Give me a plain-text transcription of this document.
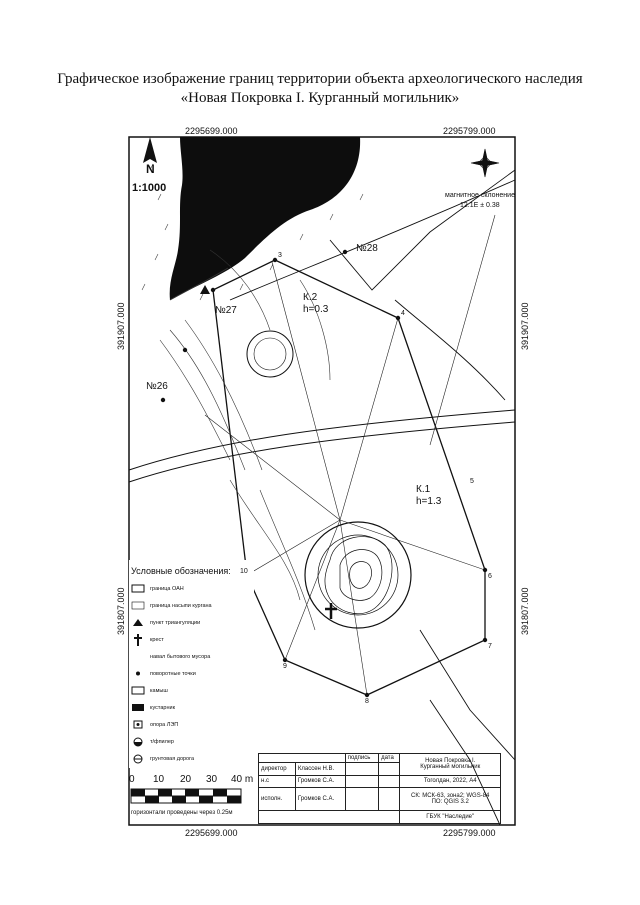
Графическое изображение границ территории объекта археологического наследия
«Новая Покровка I. Курганный могильник»
2295699.000	2295799.000
2295699.000	2295799.000
391907.000
391807.000
391907.000
391807.000
N
1:1000
магнитное склонение
12.1E ± 0.38
№28
№27
№26
К.2
h=0.3
К.1
h=1.3
10
9
8
7
6
5
4
3
Условные обозначения:
граница ОАН
граница насыпи кургана
пункт триангуляции
крест
навал бытового мусора
поворотные точки
камыш
кустарник
опора ЛЭП
т/фпилер
грунтовая дорога
0 10 20 30 40 m
горизонтали проведены через 0.25м
		подпись	дата	Новая Покровка I.
Курганный могильник

директор	Классен Н.В.			
н.с	Громков С.А.			Тоголдан, 2022, А4
исполн.	Громков С.А.			СК: МСК-63, зона2; WGS-84
ПО: QGIS 3.2

				ГБУК "Наследие"
